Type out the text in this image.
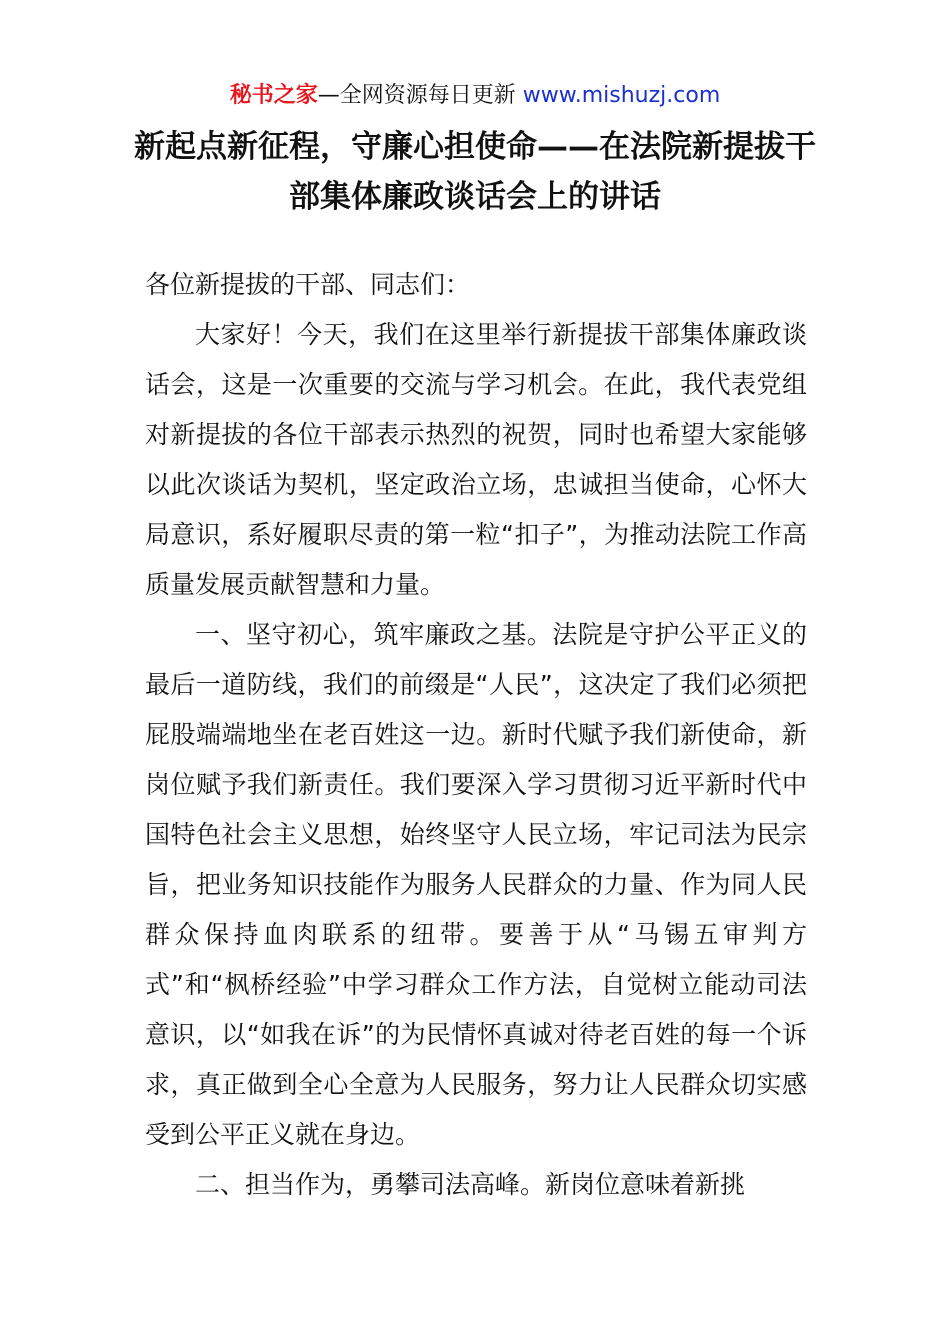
秘书之家—全网资源每日更新 www.mishuzj.com
新起点新征程，守廉心担使命——在法院新提拔干部集体廉政谈话会上的讲话

各位新提拔的干部、同志们：

大家好！今天，我们在这里举行新提拔干部集体廉政谈话会，这是一次重要的交流与学习机会。在此，我代表党组对新提拔的各位干部表示热烈的祝贺，同时也希望大家能够以此次谈话为契机，坚定政治立场，忠诚担当使命，心怀大局意识，系好履职尽责的第一粒“扣子”，为推动法院工作高质量发展贡献智慧和力量。

一、坚守初心，筑牢廉政之基。法院是守护公平正义的最后一道防线，我们的前缀是“人民”，这决定了我们必须把屁股端端地坐在老百姓这一边。新时代赋予我们新使命，新岗位赋予我们新责任。我们要深入学习贯彻习近平新时代中国特色社会主义思想，始终坚守人民立场，牢记司法为民宗旨，把业务知识技能作为服务人民群众的力量、作为同人民群众保持血肉联系的纽带。要善于从“马锡五审判方式”和“枫桥经验”中学习群众工作方法，自觉树立能动司法意识，以“如我在诉”的为民情怀真诚对待老百姓的每一个诉求，真正做到全心全意为人民服务，努力让人民群众切实感受到公平正义就在身边。

二、担当作为，勇攀司法高峰。新岗位意味着新挑
